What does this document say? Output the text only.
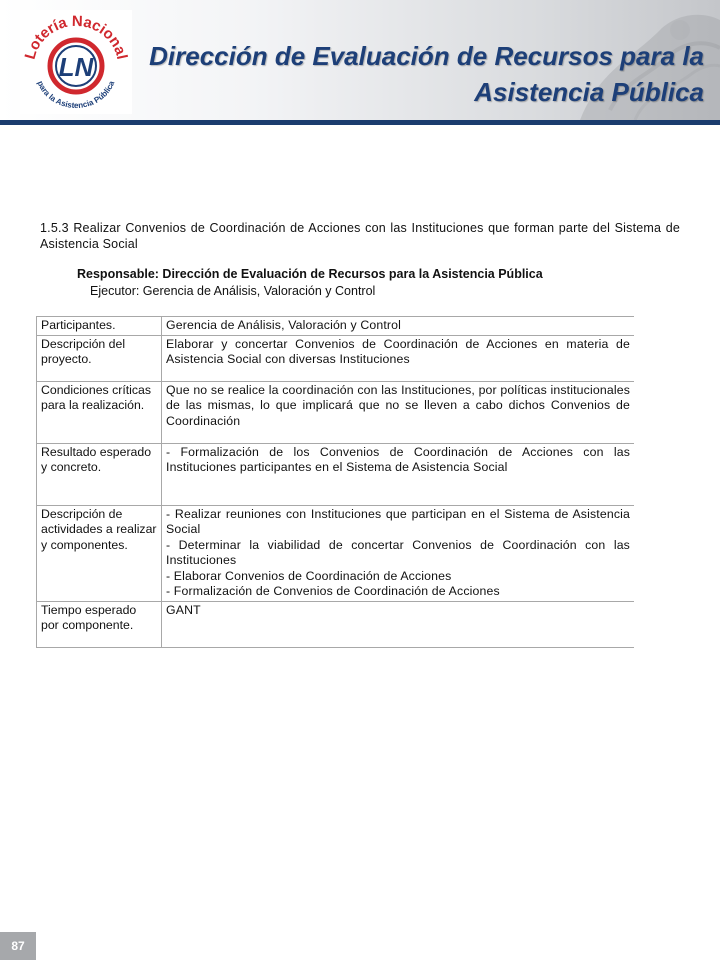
Lotería Nacional
para la Asistencia Pública
LN	Dirección de Evaluación de Recursos para la
Asistencia Pública
1.5.3 Realizar Convenios de Coordinación de Acciones con las Instituciones que forman parte del Sistema de Asistencia Social
Responsable: Dirección de Evaluación de Recursos para la Asistencia Pública
Ejecutor: Gerencia de Análisis, Valoración y Control
Participantes.	Gerencia de Análisis, Valoración y Control

Descripción del proyecto.	Elaborar y concertar Convenios de Coordinación de Acciones en materia de Asistencia Social con diversas Instituciones

Condiciones críticas para la realización.	Que no se realice la coordinación con las Instituciones, por políticas institucionales de las mismas, lo que implicará que no se lleven a cabo dichos Convenios de Coordinación

Resultado esperado y concreto.	- Formalización de los Convenios de Coordinación de Acciones con las Instituciones participantes en el Sistema de Asistencia Social

Descripción de actividades a realizar y componentes.	- Realizar reuniones con Instituciones que participan en el Sistema de Asistencia Social
- Determinar la viabilidad de concertar Convenios de Coordinación con las Instituciones
- Elaborar Convenios de Coordinación de Acciones
- Formalización de Convenios de Coordinación de Acciones

Tiempo esperado por componente.	GANT
87
